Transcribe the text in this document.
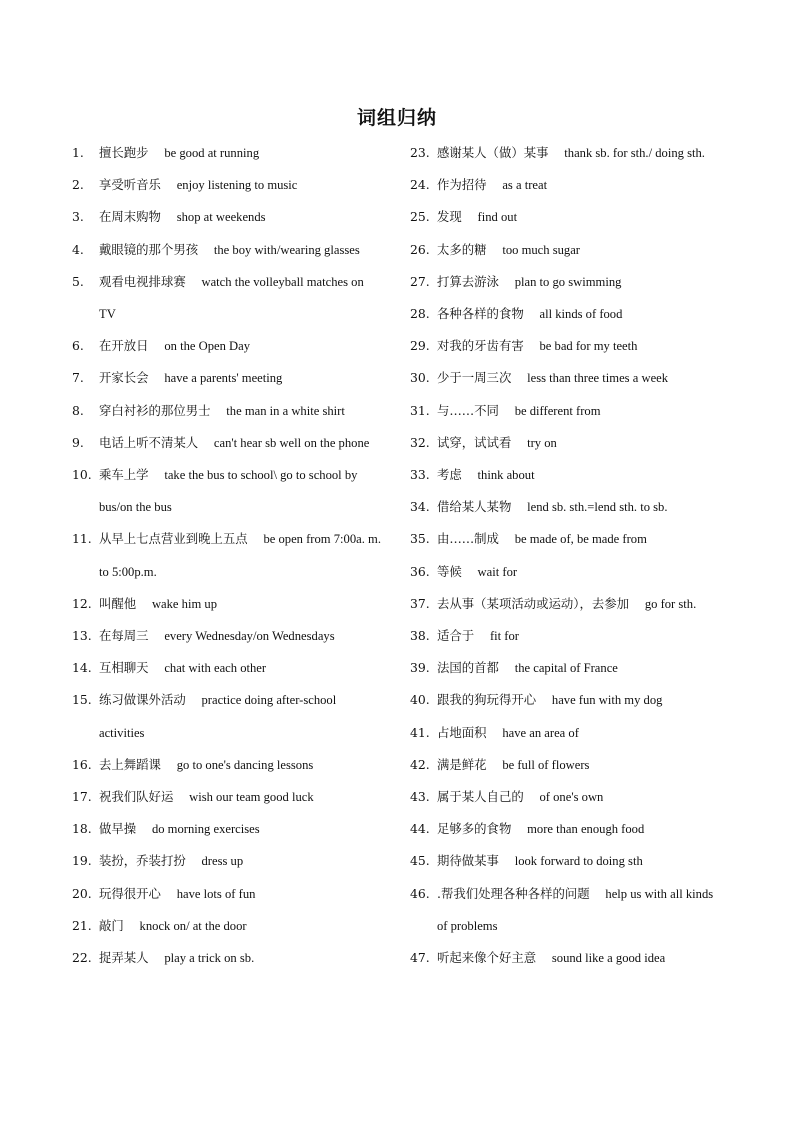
词组归纳
1.	擅长跑步 be good at running
2.	享受听音乐 enjoy listening to music
3.	在周末购物 shop at weekends
4.	戴眼镜的那个男孩 the boy with/wearing glasses
5.	观看电视排球赛 watch the volleyball matches on TV
6.	在开放日 on the Open Day
7.	开家长会 have a parents' meeting
8.	穿白衬衫的那位男士 the man in a white shirt
9.	电话上听不清某人 can't hear sb well on the phone
10. 乘车上学 take the bus to school\ go to school by bus/on the bus
11. 从早上七点营业到晚上五点 be open from 7:00a. m. to 5:00p.m.
12. 叫醒他 wake him up
13. 在每周三 every Wednesday/on Wednesdays
14. 互相聊天 chat with each other
15. 练习做课外活动 practice doing after-school activities
16. 去上舞蹈课 go to one's dancing lessons
17. 祝我们队好运 wish our team good luck
18. 做早操 do morning exercises
19. 装扮，乔装打扮 dress up
20. 玩得很开心 have lots of fun
21. 敲门 knock on/ at the door
22. 捉弄某人 play a trick on sb.
23. 感谢某人（做）某事 thank sb. for sth./ doing sth.
24. 作为招待 as a treat
25. 发现 find out
26. 太多的糖 too much sugar
27. 打算去游泳 plan to go swimming
28. 各种各样的食物 all kinds of food
29. 对我的牙齿有害 be bad for my teeth
30. 少于一周三次 less than three times a week
31. 与……不同 be different from
32. 试穿，试试看 try on
33. 考虑 think about
34. 借给某人某物 lend sb. sth.=lend sth. to sb.
35. 由……制成 be made of, be made from
36. 等候 wait for
37. 去从事（某项活动或运动），去参加 go for sth.
38. 适合于 fit for
39. 法国的首都 the capital of France
40. 跟我的狗玩得开心 have fun with my dog
41. 占地面积 have an area of
42. 满是鲜花 be full of flowers
43. 属于某人自己的 of one's own
44. 足够多的食物 more than enough food
45. 期待做某事 look forward to doing sth
46. .帮我们处理各种各样的问题 help us with all kinds of problems
47. 听起来像个好主意 sound like a good idea
